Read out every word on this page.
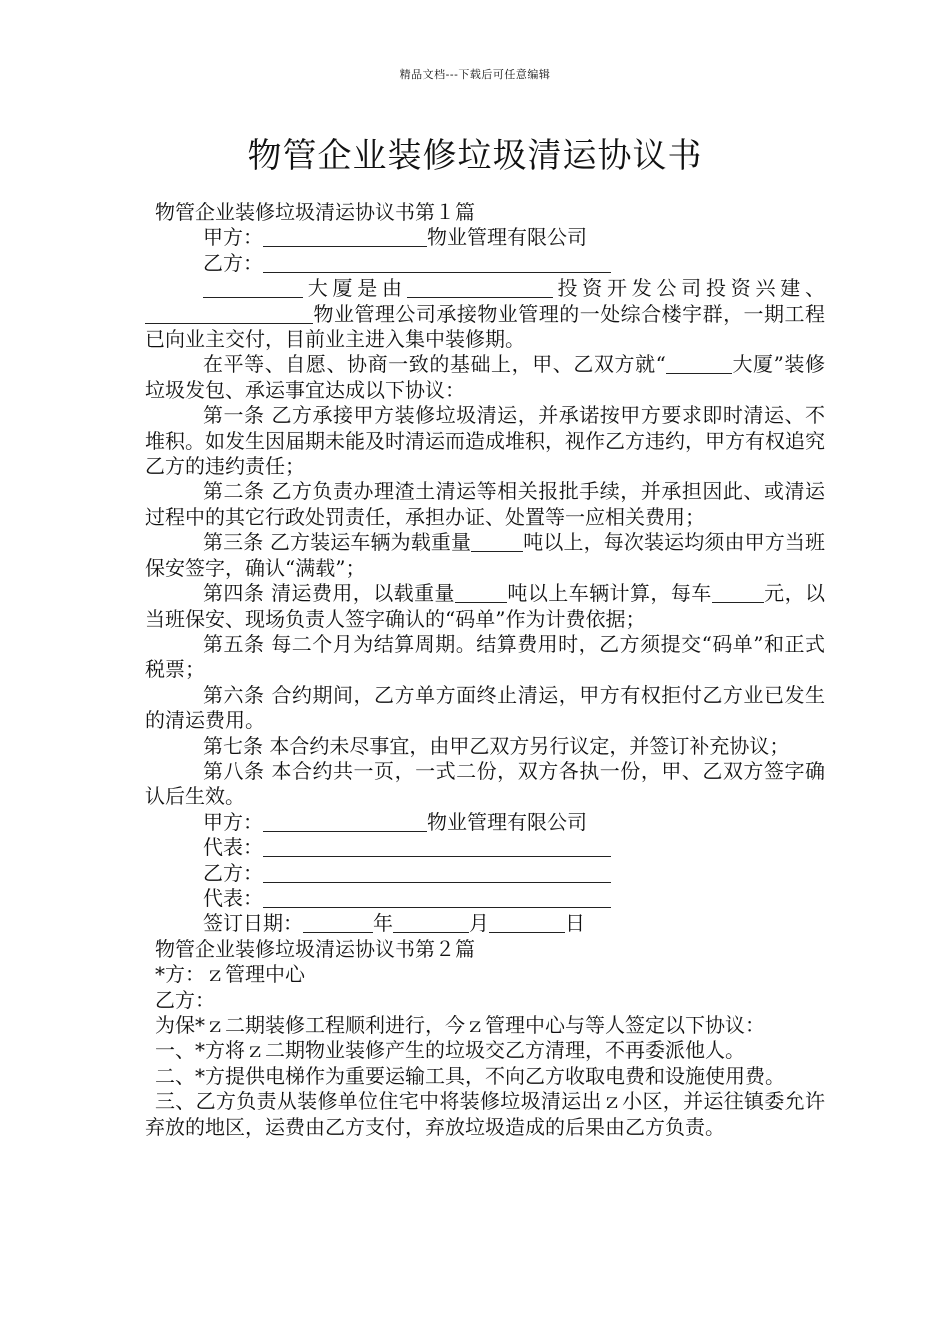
精品文档---下载后可任意编辑
物管企业装修垃圾清运协议书
物管企业装修垃圾清运协议书第１篇
甲方：	物业管理有限公司
乙方：
大厦是由	投资开发公司投资兴建、物业管理公司承接物业管理的一处综合楼宇群，一期工程已向业主交付，目前业主进入集中装修期。
在平等、自愿、协商一致的基础上，甲、乙双方就“	大厦”装修垃圾发包、承运事宜达成以下协议：
第一条 乙方承接甲方装修垃圾清运，并承诺按甲方要求即时清运、不堆积。如发生因届期未能及时清运而造成堆积，视作乙方违约，甲方有权追究乙方的违约责任；
第二条 乙方负责办理渣土清运等相关报批手续，并承担因此、或清运过程中的其它行政处罚责任，承担办证、处置等一应相关费用；
第三条 乙方装运车辆为载重量	吨以上，每次装运均须由甲方当班保安签字，确认“满载”；
第四条 清运费用，以载重量	吨以上车辆计算，每车	元，以当班保安、现场负责人签字确认的“码单”作为计费依据；
第五条 每二个月为结算周期。结算费用时，乙方须提交“码单”和正式税票；
第六条 合约期间，乙方单方面终止清运，甲方有权拒付乙方业已发生的清运费用。
第七条 本合约未尽事宜，由甲乙双方另行议定，并签订补充协议；
第八条 本合约共一页，一式二份，双方各执一份，甲、乙双方签字确认后生效。
甲方：	物业管理有限公司
代表：
乙方：
代表：
签订日期：	年	月	日
物管企业装修垃圾清运协议书第２篇
*方：ｚ管理中心
乙方：
为保*ｚ二期装修工程顺利进行，今ｚ管理中心与等人签定以下协议：
一、*方将ｚ二期物业装修产生的垃圾交乙方清理，不再委派他人。
二、*方提供电梯作为重要运输工具，不向乙方收取电费和设施使用费。
三、乙方负责从装修单位住宅中将装修垃圾清运出ｚ小区，并运往镇委允许弃放的地区，运费由乙方支付，弃放垃圾造成的后果由乙方负责。
